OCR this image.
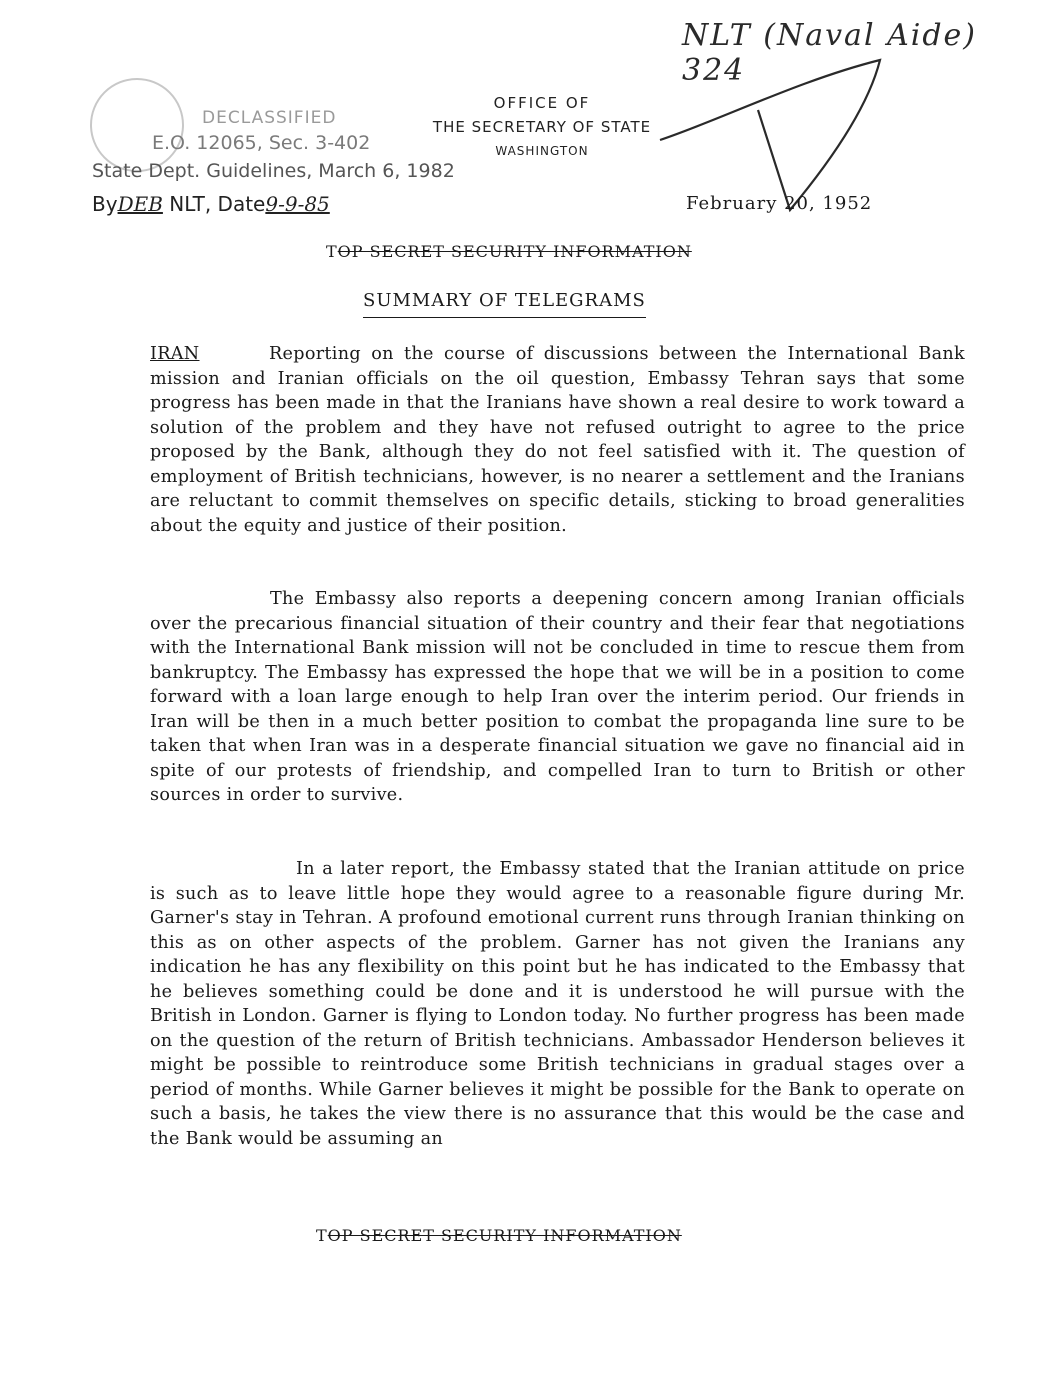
NLT (Naval Aide) 324
DECLASSIFIED
E.O. 12065, Sec. 3-402
State Dept. Guidelines, March 6, 1982
ByDEB NLT, Date9-9-85
OFFICE OF
THE SECRETARY OF STATE
WASHINGTON
February 20, 1952
TOP SECRET SECURITY INFORMATION
SUMMARY OF TELEGRAMS

IRAN	Reporting on the course of discussions between the International Bank mission and Iranian officials on the oil question, Embassy Tehran says that some progress has been made in that the Iranians have shown a real desire to work toward a solution of the problem and they have not refused outright to agree to the price proposed by the Bank, although they do not feel satisfied with it. The question of employment of British technicians, however, is no nearer a settlement and the Iranians are reluctant to commit themselves on specific details, sticking to broad generalities about the equity and justice of their position.

The Embassy also reports a deepening concern among Iranian officials over the precarious financial situation of their country and their fear that negotiations with the International Bank mission will not be concluded in time to rescue them from bankruptcy. The Embassy has expressed the hope that we will be in a position to come forward with a loan large enough to help Iran over the interim period. Our friends in Iran will be then in a much better position to combat the propaganda line sure to be taken that when Iran was in a desperate financial situation we gave no financial aid in spite of our protests of friendship, and compelled Iran to turn to British or other sources in order to survive.

In a later report, the Embassy stated that the Iranian attitude on price is such as to leave little hope they would agree to a reasonable figure during Mr. Garner's stay in Tehran. A profound emotional current runs through Iranian thinking on this as on other aspects of the problem. Garner has not given the Iranians any indication he has any flexibility on this point but he has indicated to the Embassy that he believes something could be done and it is understood he will pursue with the British in London. Garner is flying to London today. No further progress has been made on the question of the return of British technicians. Ambassador Henderson believes it might be possible to reintroduce some British technicians in gradual stages over a period of months. While Garner believes it might be possible for the Bank to operate on such a basis, he takes the view there is no assurance that this would be the case and the Bank would be assuming an

TOP SECRET SECURITY INFORMATION
